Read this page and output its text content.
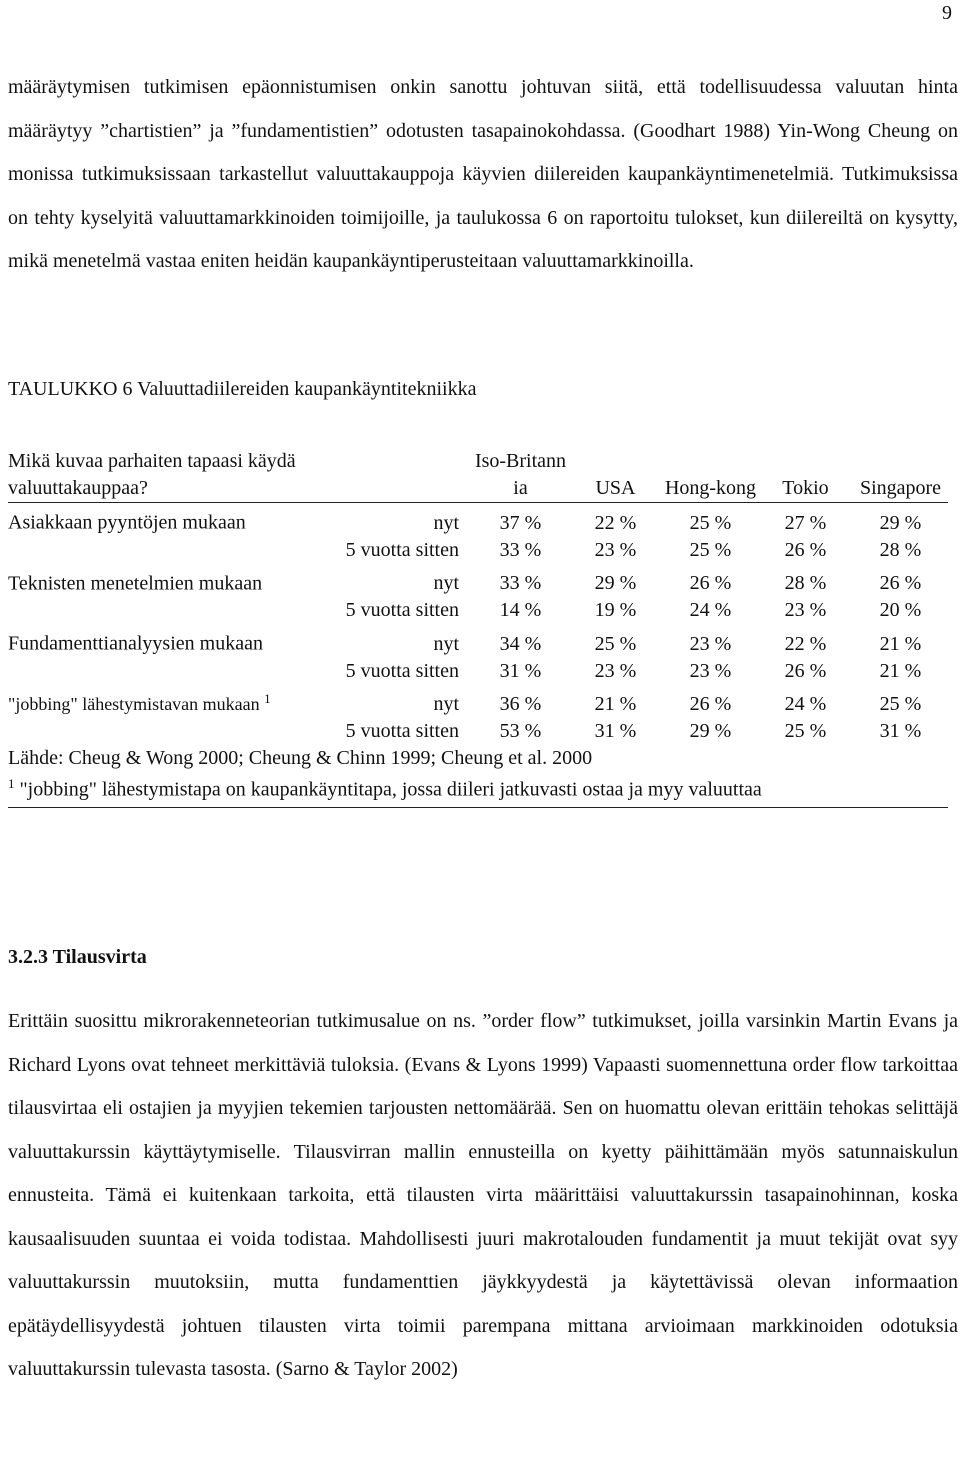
9

määräytymisen tutkimisen epäonnistumisen onkin sanottu johtuvan siitä, että todellisuudessa valuutan hinta määräytyy ”chartistien” ja ”fundamentistien” odotusten tasapainokohdassa. (Goodhart 1988) Yin-Wong Cheung on monissa tutkimuksissaan tarkastellut valuuttakauppoja käyvien diilereiden kaupankäyntimenetelmiä. Tutkimuksissa on tehty kyselyitä valuuttamarkkinoiden toimijoille, ja taulukossa 6 on raportoitu tulokset, kun diilereiltä on kysytty, mikä menetelmä vastaa eniten heidän kaupankäyntiperusteitaan valuuttamarkkinoilla.

TAULUKKO 6 Valuuttadiilereiden kaupankäyntitekniikka

Mikä kuvaa parhaiten tapaasi käydä valuuttakauppaa?		Iso-Britannia	USA	Hong-kong	Tokio	Singapore
Asiakkaan pyyntöjen mukaan	nyt	37 %	22 %	25 %	27 %	29 %
	5 vuotta sitten	33 %	23 %	25 %	26 %	28 %
Teknisten menetelmien mukaan	nyt	33 %	29 %	26 %	28 %	26 %
	5 vuotta sitten	14 %	19 %	24 %	23 %	20 %
Fundamenttianalyysien mukaan	nyt	34 %	25 %	23 %	22 %	21 %
	5 vuotta sitten	31 %	23 %	23 %	26 %	21 %
"jobbing" lähestymistavan mukaan $^1$	nyt	36 %	21 %	26 %	24 %	25 %
	5 vuotta sitten	53 %	31 %	29 %	25 %	31 %

Lähde: Cheug & Wong 2000; Cheung & Chinn 1999; Cheung et al. 2000						

$^1$ "jobbing" lähestymistapa on kaupankäyntitapa, jossa diileri jatkuvasti ostaa ja myy valuuttaa						

3.2.3 Tilausvirta

Erittäin suosittu mikrorakenneteorian tutkimusalue on ns. ”order flow” tutkimukset, joilla varsinkin Martin Evans ja Richard Lyons ovat tehneet merkittäviä tuloksia. (Evans & Lyons 1999) Vapaasti suomennettuna order flow tarkoittaa tilausvirtaa eli ostajien ja myyjien tekemien tarjousten nettomäärää. Sen on huomattu olevan erittäin tehokas selittäjä valuuttakurssin käyttäytymiselle. Tilausvirran mallin ennusteilla on kyetty päihittämään myös satunnaiskulun ennusteita. Tämä ei kuitenkaan tarkoita, että tilausten virta määrittäisi valuuttakurssin tasapainohinnan, koska kausaalisuuden suuntaa ei voida todistaa. Mahdollisesti juuri makrotalouden fundamentit ja muut tekijät ovat syy valuuttakurssin muutoksiin, mutta fundamenttien jäykkyydestä ja käytettävissä olevan informaation epätäydellisyydestä johtuen tilausten virta toimii parempana mittana arvioimaan markkinoiden odotuksia valuuttakurssin tulevasta tasosta. (Sarno & Taylor 2002)
